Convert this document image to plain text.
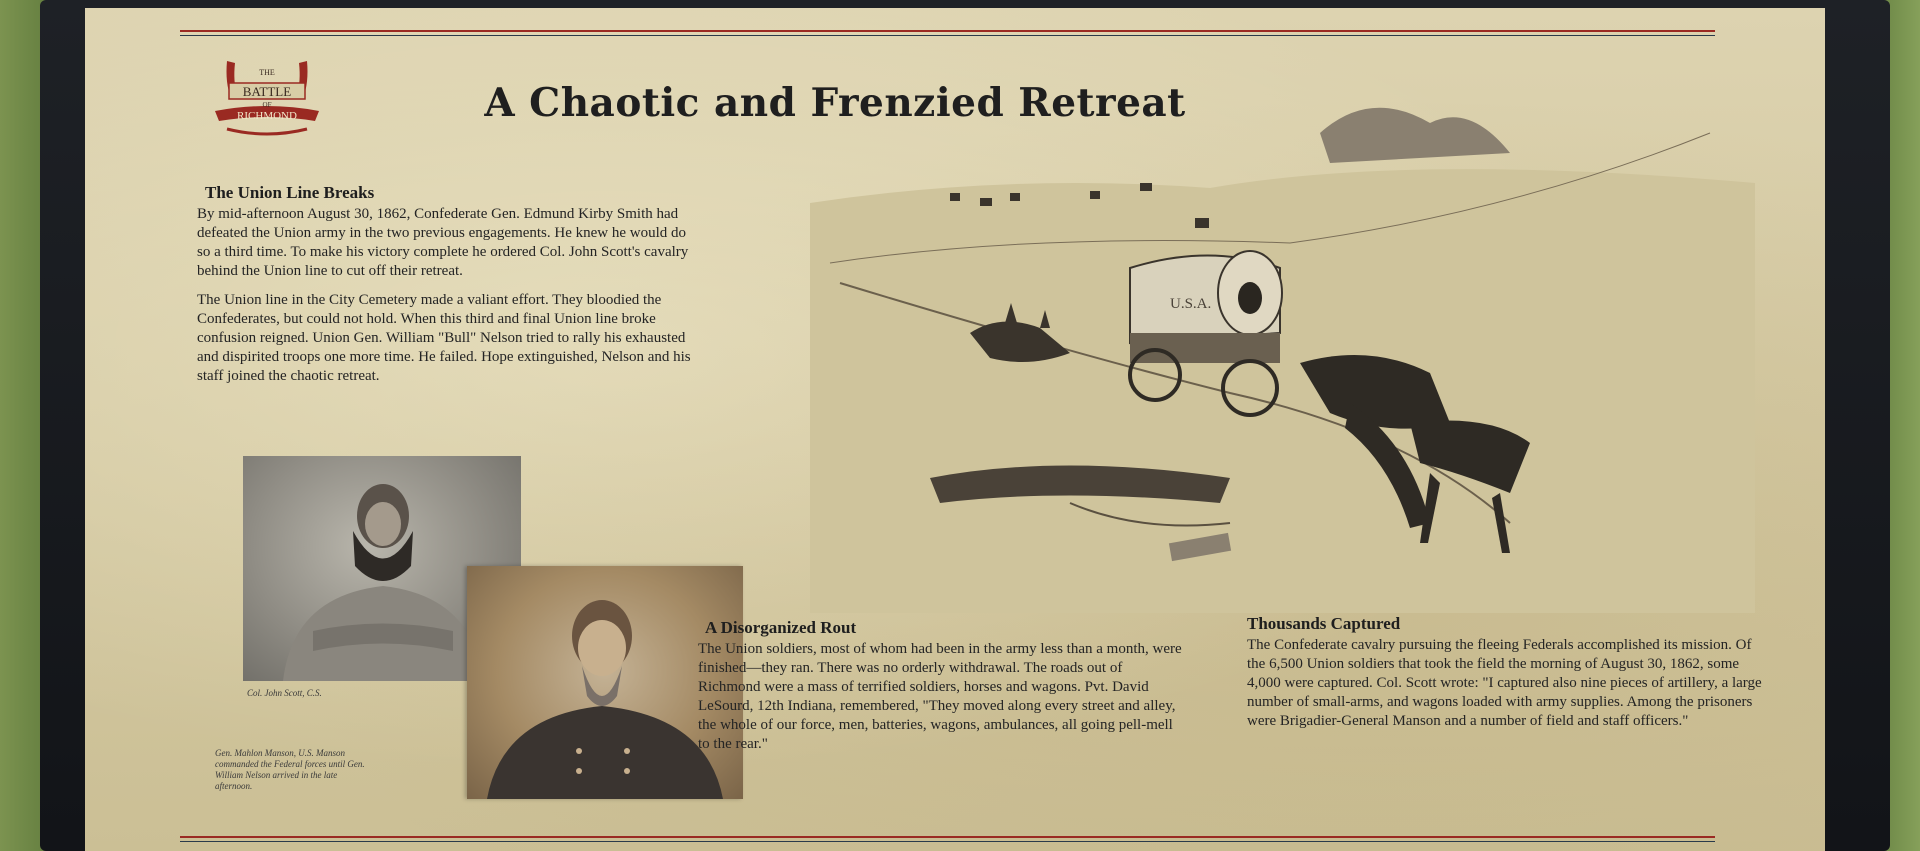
THE
BATTLE
OF
RICHMOND	A Chaotic and Frenzied Retreat
The Union Line Breaks

By mid-afternoon August 30, 1862, Confederate Gen. Edmund Kirby Smith had defeated the Union army in the two previous engagements. He knew he would do so a third time. To make his victory complete he ordered Col. John Scott's cavalry behind the Union line to cut off their retreat.

The Union line in the City Cemetery made a valiant effort. They bloodied the Confederates, but could not hold. When this third and final Union line broke confusion reigned. Union Gen. William "Bull" Nelson tried to rally his exhausted and dispirited troops one more time. He failed. Hope extinguished, Nelson and his staff joined the chaotic retreat.

Col. John Scott, C.S.
Gen. Mahlon Manson, U.S. Manson commanded the Federal forces until Gen. William Nelson arrived in the late afternoon.
U.S.A.
A Disorganized Rout

The Union soldiers, most of whom had been in the army less than a month, were finished—they ran. There was no orderly withdrawal. The roads out of Richmond were a mass of terrified soldiers, horses and wagons. Pvt. David LeSourd, 12th Indiana, remembered, "They moved along every street and alley, the whole of our force, men, batteries, wagons, ambulances, all going pell-mell to the rear."

Thousands Captured

The Confederate cavalry pursuing the fleeing Federals accomplished its mission. Of the 6,500 Union soldiers that took the field the morning of August 30, 1862, some 4,000 were captured. Col. Scott wrote: "I captured also nine pieces of artillery, a large number of small-arms, and wagons loaded with army supplies. Among the prisoners were Brigadier-General Manson and a number of field and staff officers."
